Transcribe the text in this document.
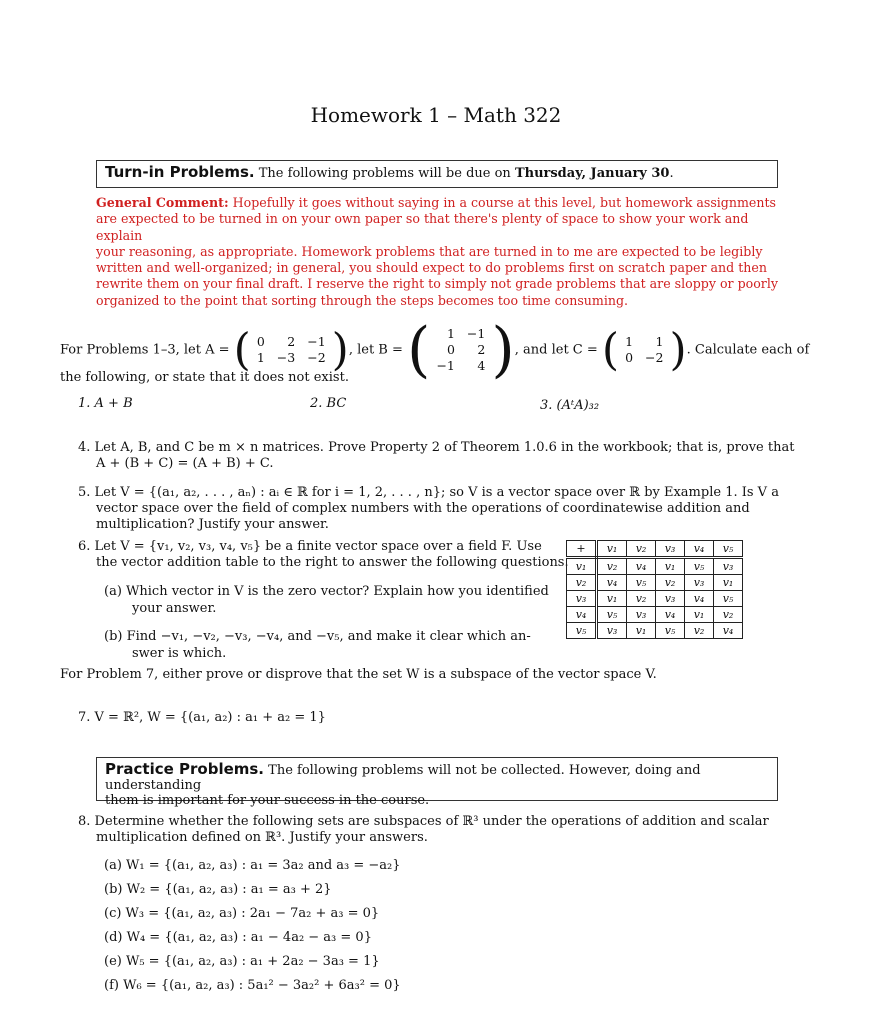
Homework 1 – Math 322
Turn-in Problems. The following problems will be due on Thursday, January 30.
General Comment: Hopefully it goes without saying in a course at this level, but homework assignments
are expected to be turned in on your own paper so that there's plenty of space to show your work and explain
your reasoning, as appropriate. Homework problems that are turned in to me are expected to be legibly
written and well-organized; in general, you should expect to do problems first on scratch paper and then
rewrite them on your final draft. I reserve the right to simply not grade problems that are sloppy or poorly
organized to the point that sorting through the steps becomes too time consuming.
For Problems 1–3, let A = ( 0	2	−1
1	−3	−2 ), let B = ( 1	−1
0	2
−1	4 ), and let C = ( 1	1
0	−2 ). Calculate each of
the following, or state that it does not exist.
1. A + B	2. BC	3. (AᵗA)₃₂
4. Let A, B, and C be m × n matrices. Prove Property 2 of Theorem 1.0.6 in the workbook; that is, prove that
A + (B + C) = (A + B) + C.
5. Let V = {(a₁, a₂, . . . , aₙ) : aᵢ ∈ ℝ for i = 1, 2, . . . , n}; so V is a vector space over ℝ by Example 1. Is V a
vector space over the field of complex numbers with the operations of coordinatewise addition and
multiplication? Justify your answer.
6. Let V = {v₁, v₂, v₃, v₄, v₅} be a finite vector space over a field F. Use
the vector addition table to the right to answer the following questions.
(a) Which vector in V is the zero vector? Explain how you identified
your answer.
(b) Find −v₁, −v₂, −v₃, −v₄, and −v₅, and make it clear which an-
swer is which.
+	v₁	v₂	v₃	v₄	v₅
v₁	v₂	v₄	v₁	v₅	v₃
v₂	v₄	v₅	v₂	v₃	v₁
v₃	v₁	v₂	v₃	v₄	v₅
v₄	v₅	v₃	v₄	v₁	v₂
v₅	v₃	v₁	v₅	v₂	v₄
For Problem 7, either prove or disprove that the set W is a subspace of the vector space V.
7. V = ℝ², W = {(a₁, a₂) : a₁ + a₂ = 1}
Practice Problems. The following problems will not be collected. However, doing and understanding
them is important for your success in the course.
8. Determine whether the following sets are subspaces of ℝ³ under the operations of addition and scalar
multiplication defined on ℝ³. Justify your answers.
(a) W₁ = {(a₁, a₂, a₃) : a₁ = 3a₂ and a₃ = −a₂}
(b) W₂ = {(a₁, a₂, a₃) : a₁ = a₃ + 2}
(c) W₃ = {(a₁, a₂, a₃) : 2a₁ − 7a₂ + a₃ = 0}
(d) W₄ = {(a₁, a₂, a₃) : a₁ − 4a₂ − a₃ = 0}
(e) W₅ = {(a₁, a₂, a₃) : a₁ + 2a₂ − 3a₃ = 1}
(f) W₆ = {(a₁, a₂, a₃) : 5a₁² − 3a₂² + 6a₃² = 0}
